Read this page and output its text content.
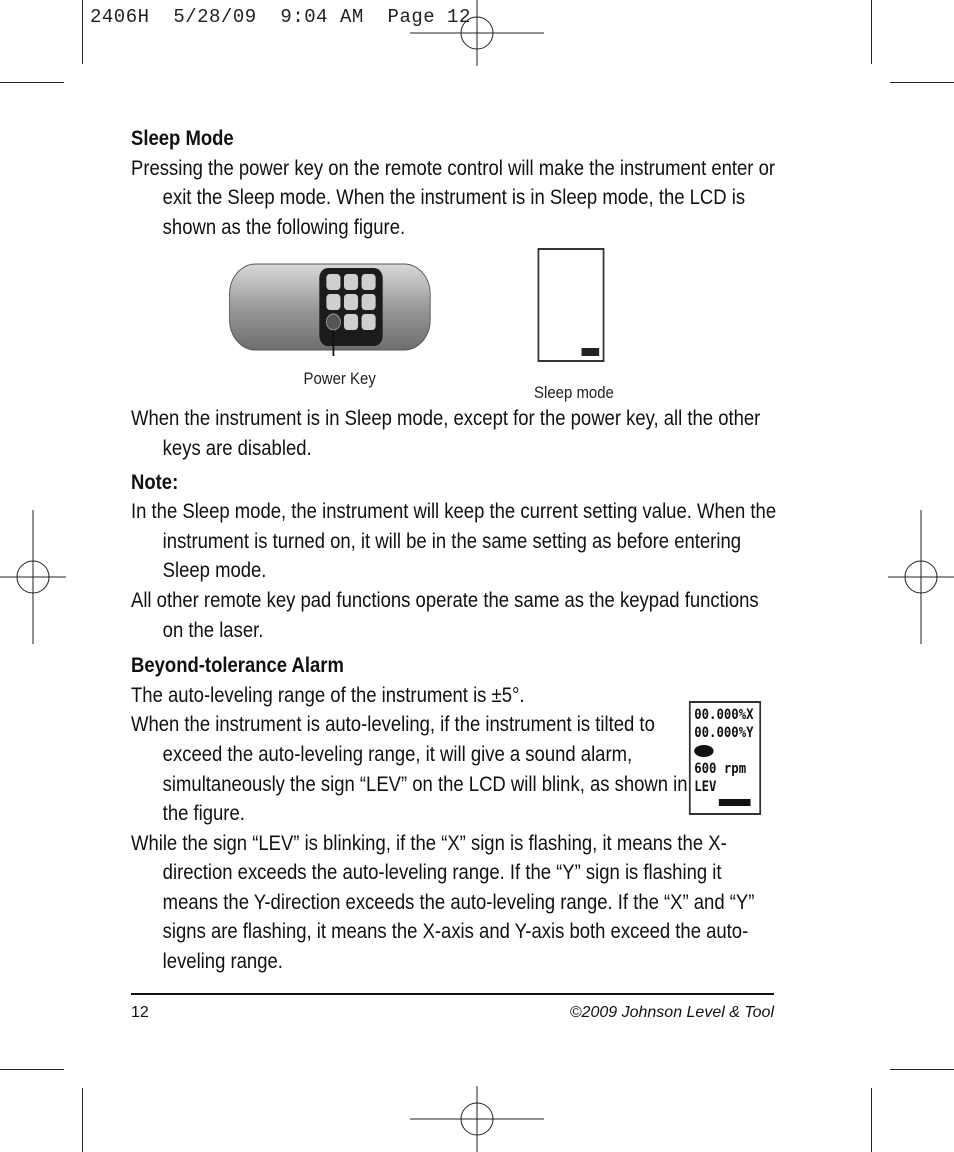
2406H  5/28/09  9:04 AM  Page 12

Sleep Mode

Pressing the power key on the remote control will make the instrument enter or exit the Sleep mode. When the instrument is in Sleep mode, the LCD is shown as the following figure.

Power Key
Sleep mode

When the instrument is in Sleep mode, except for the power key, all the other keys are disabled.

Note:

In the Sleep mode, the instrument will keep the current setting value. When the instrument is turned on, it will be in the same setting as before entering Sleep mode.

All other remote key pad functions operate the same as the keypad functions on the laser.

Beyond-tolerance Alarm

The auto-leveling range of the instrument is ±5°.

When the instrument is auto-leveling, if the instrument is tilted to exceed the auto-leveling range, it will give a sound alarm, simultaneously the sign “LEV” on the LCD will blink, as shown in the figure.

00.000%X
00.000%Y
600 rpm LEV

While the sign “LEV” is blinking, if the “X” sign is flashing, it means the X-direction exceeds the auto-leveling range. If the “Y” sign is flashing it means the Y-direction exceeds the auto-leveling range. If the “X” and “Y” signs are flashing, it means the X-axis and Y-axis both exceed the auto-leveling range.

12	©2009 Johnson Level & Tool
